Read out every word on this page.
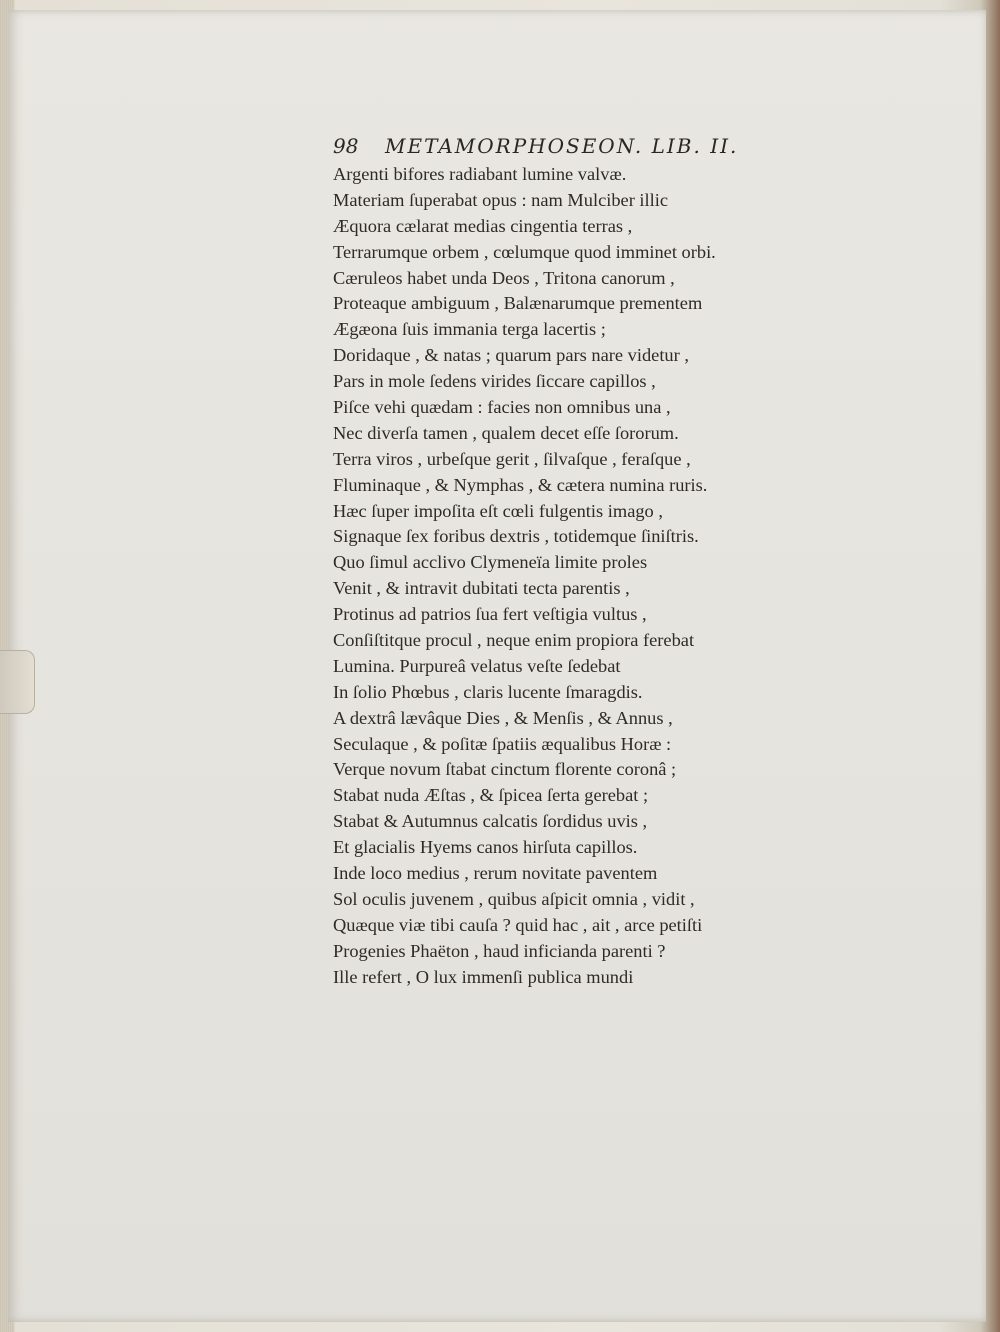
98 METAMORPHOSEON. LIB. II.
Argenti bifores radiabant lumine valvæ.
Materiam ſuperabat opus : nam Mulciber illic
Æquora cælarat medias cingentia terras ,
Terrarumque orbem , cœlumque quod imminet orbi.
Cæruleos habet unda Deos , Tritona canorum ,
Proteaque ambiguum , Balænarumque prementem
Ægæona ſuis immania terga lacertis ;
Doridaque , & natas ; quarum pars nare videtur ,
Pars in mole ſedens virides ſiccare capillos ,
Piſce vehi quædam : facies non omnibus una ,
Nec diverſa tamen , qualem decet eſſe ſororum.
Terra viros , urbeſque gerit , ſilvaſque , feraſque ,
Fluminaque , & Nymphas , & cætera numina ruris.
Hæc ſuper impoſita eſt cœli fulgentis imago ,
Signaque ſex foribus dextris , totidemque ſiniſtris.
Quo ſimul acclivo Clymeneïa limite proles
Venit , & intravit dubitati tecta parentis ,
Protinus ad patrios ſua fert veſtigia vultus ,
Conſiſtitque procul , neque enim propiora ferebat
Lumina. Purpureâ velatus veſte ſedebat
In ſolio Phœbus , claris lucente ſmaragdis.
A dextrâ lævâque Dies , & Menſis , & Annus ,
Seculaque , & poſitæ ſpatiis æqualibus Horæ :
Verque novum ſtabat cinctum florente coronâ ;
Stabat nuda Æſtas , & ſpicea ſerta gerebat ;
Stabat & Autumnus calcatis ſordidus uvis ,
Et glacialis Hyems canos hirſuta capillos.
Inde loco medius , rerum novitate paventem
Sol oculis juvenem , quibus aſpicit omnia , vidit ,
Quæque viæ tibi cauſa ? quid hac , ait , arce petiſti
Progenies Phaëton , haud inficianda parenti ?
Ille refert , O lux immenſi publica mundi
